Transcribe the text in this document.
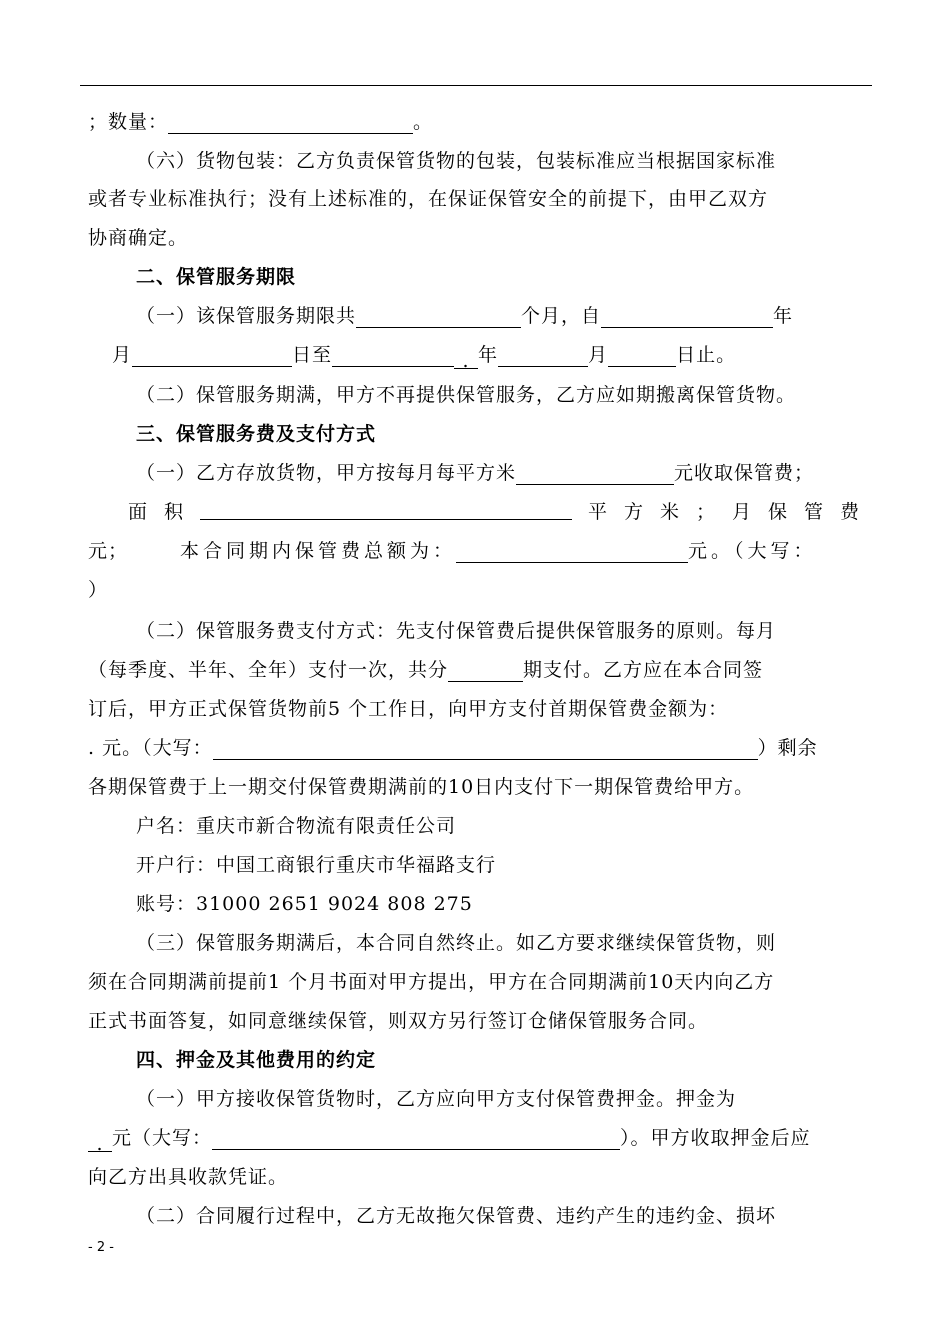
；数量：	。
（六）货物包装：乙方负责保管货物的包装，包装标准应当根据国家标准
或者专业标准执行；没有上述标准的，在保证保管安全的前提下，由甲乙双方
协商确定。
二、保管服务期限
（一）该保管服务期限共	个月，自	年
月	日至	. 年	月	日止。
（二）保管服务期满，甲方不再提供保管服务，乙方应如期搬离保管货物。
三、保管服务费及支付方式
（一）乙方存放货物，甲方按每月每平方米	元收取保管费；
面 积	平 方 米 ； 月 保 管 费
元；	本合同期内保管费总额为：	元。（大写：
）
（二）保管服务费支付方式：先支付保管费后提供保管服务的原则。每月
（每季度、半年、全年）支付一次，共分	期支付。乙方应在本合同签
订后，甲方正式保管货物前5 个工作日，向甲方支付首期保管费金额为：
. 元。（大写：	）剩余
各期保管费于上一期交付保管费期满前的10日内支付下一期保管费给甲方。
户名：重庆市新合物流有限责任公司
开户行：中国工商银行重庆市华福路支行
账号：31000 2651 9024 808 275
（三）保管服务期满后，本合同自然终止。如乙方要求继续保管货物，则
须在合同期满前提前1 个月书面对甲方提出，甲方在合同期满前10天内向乙方
正式书面答复，如同意继续保管，则双方另行签订仓储保管服务合同。
四、押金及其他费用的约定
（一）甲方接收保管货物时，乙方应向甲方支付保管费押金。押金为
. 元（大写：	）。甲方收取押金后应
向乙方出具收款凭证。
（二）合同履行过程中，乙方无故拖欠保管费、违约产生的违约金、损坏
- 2 -
